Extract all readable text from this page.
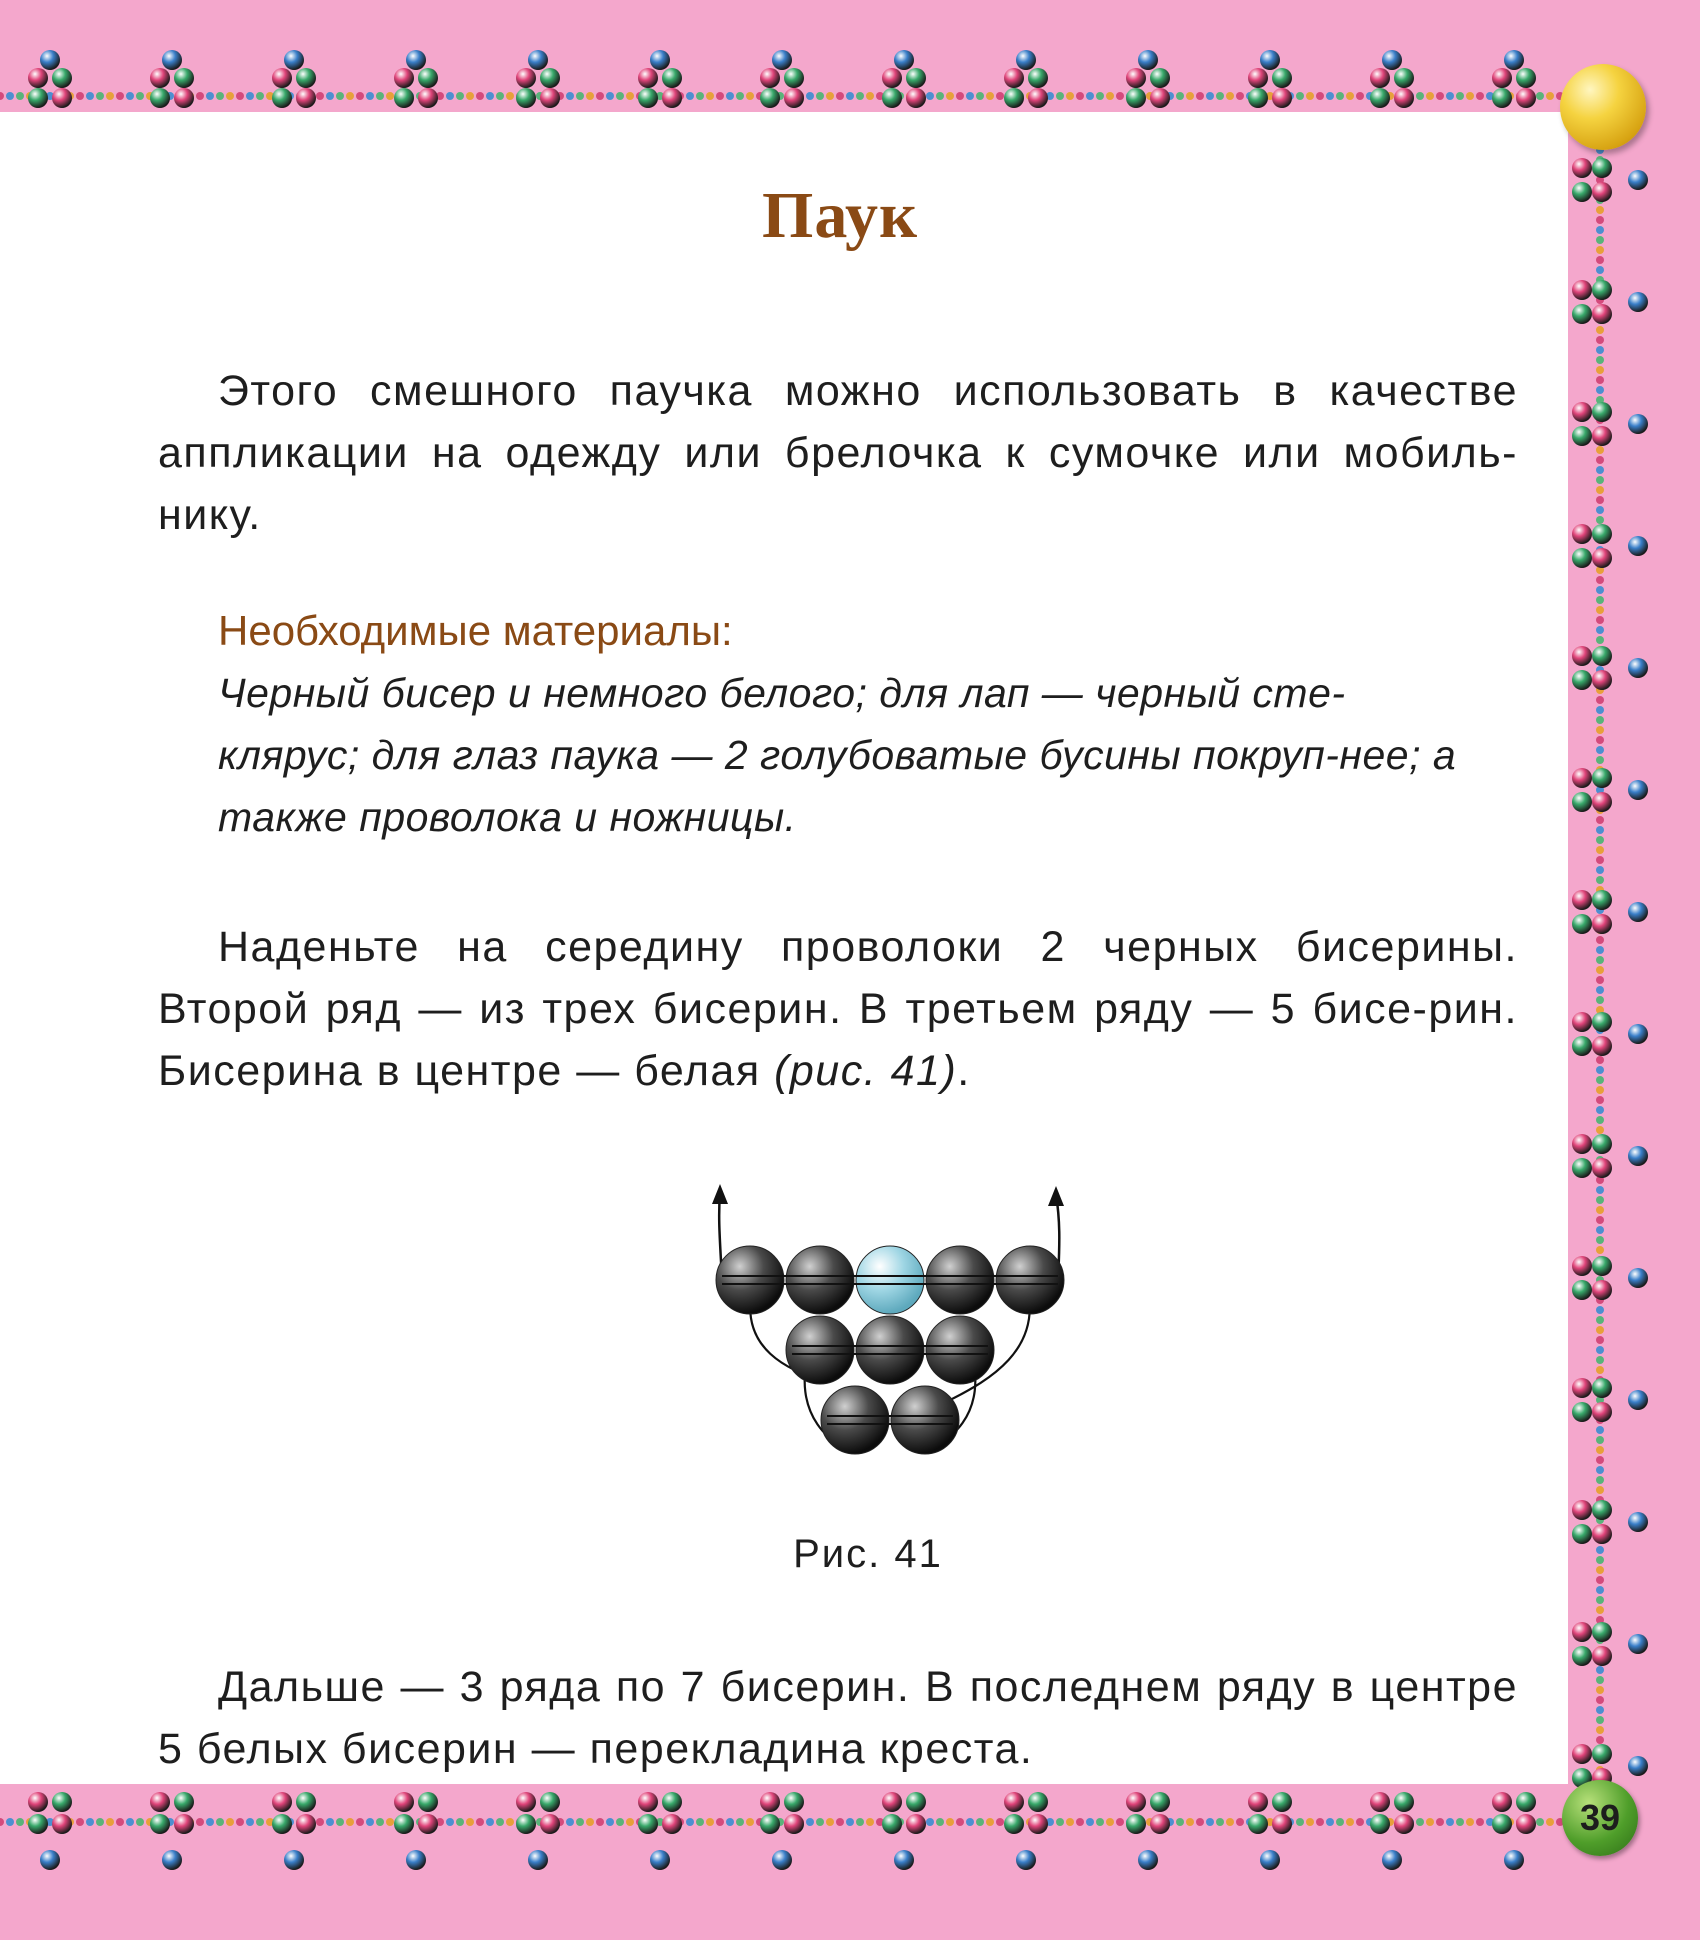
Паук

Этого смешного паучка можно использовать в качестве аппликации на одежду или брелочка к сумочке или мобиль-нику.

Необходимые материалы:
Черный бисер и немного белого; для лап — черный сте-клярус; для глаз паука — 2 голубоватые бусины покруп-нее; а также проволока и ножницы.

Наденьте на середину проволоки 2 черных бисерины. Второй ряд — из трех бисерин. В третьем ряду — 5 бисе-рин. Бисерина в центре — белая (рис. 41).

Рис. 41

Дальше — 3 ряда по 7 бисерин. В последнем ряду в центре 5 белых бисерин — перекладина креста.

39
